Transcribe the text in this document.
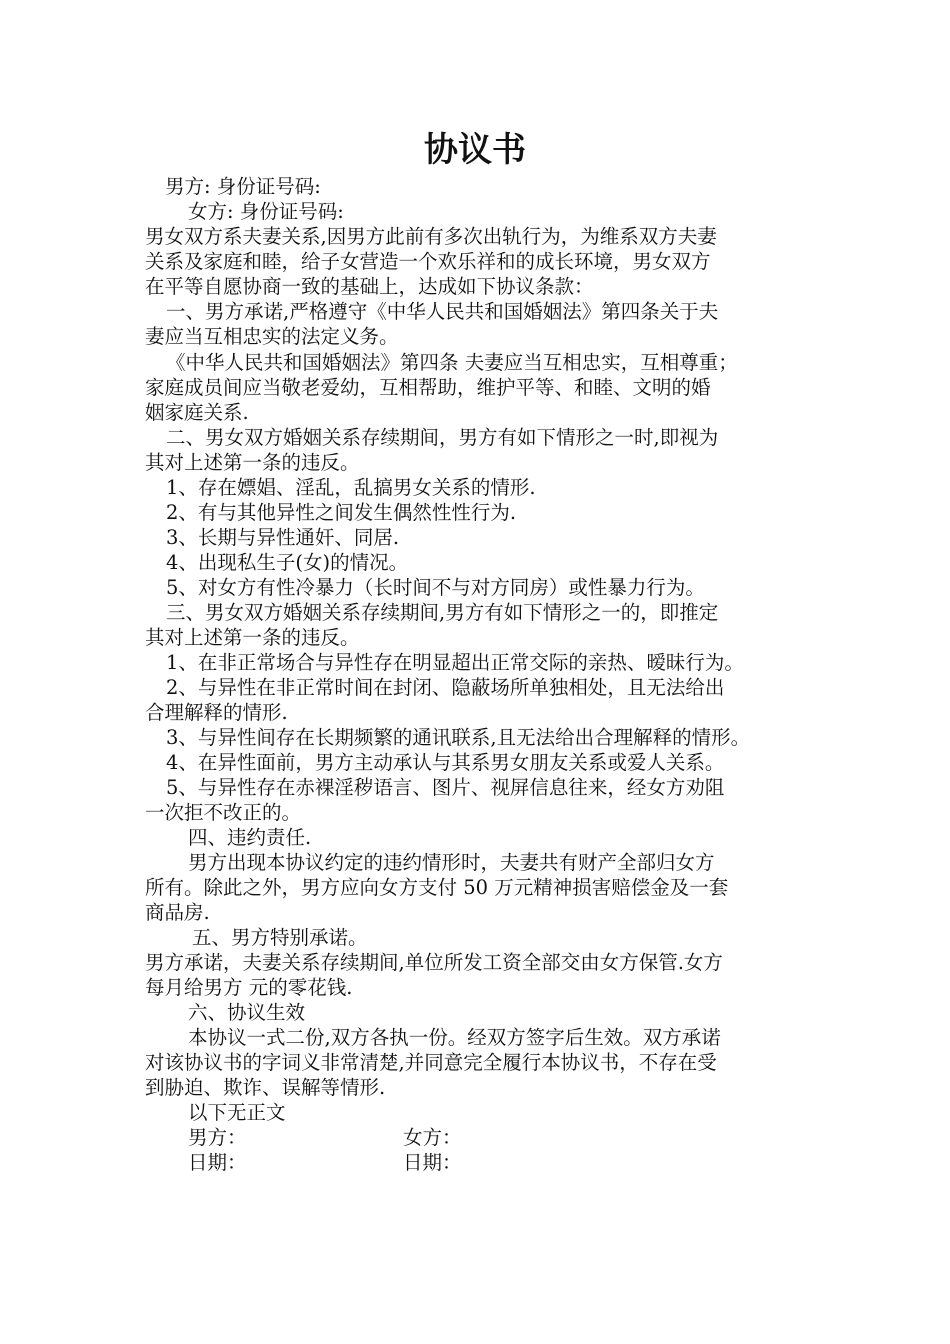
协议书
男方: 身份证号码:
女方: 身份证号码:
男女双方系夫妻关系,因男方此前有多次出轨行为，为维系双方夫妻
关系及家庭和睦，给子女营造一个欢乐祥和的成长环境，男女双方
在平等自愿协商一致的基础上，达成如下协议条款：
一、男方承诺,严格遵守《中华人民共和国婚姻法》第四条关于夫
妻应当互相忠实的法定义务。
《中华人民共和国婚姻法》第四条 夫妻应当互相忠实，互相尊重；
家庭成员间应当敬老爱幼，互相帮助，维护平等、和睦、文明的婚
姻家庭关系.
二、男女双方婚姻关系存续期间，男方有如下情形之一时,即视为
其对上述第一条的违反。
1、存在嫖娼、淫乱，乱搞男女关系的情形.
2、有与其他异性之间发生偶然性性行为.
3、长期与异性通奸、同居.
4、出现私生子(女)的情况。
5、对女方有性冷暴力（长时间不与对方同房）或性暴力行为。
三、男女双方婚姻关系存续期间,男方有如下情形之一的，即推定
其对上述第一条的违反。
1、在非正常场合与异性存在明显超出正常交际的亲热、暧昧行为。
2、与异性在非正常时间在封闭、隐蔽场所单独相处，且无法给出
合理解释的情形.
3、与异性间存在长期频繁的通讯联系,且无法给出合理解释的情形。
4、在异性面前，男方主动承认与其系男女朋友关系或爱人关系。
5、与异性存在赤裸淫秽语言、图片、视屏信息往来，经女方劝阻
一次拒不改正的。
四、违约责任.
男方出现本协议约定的违约情形时，夫妻共有财产全部归女方
所有。除此之外，男方应向女方支付 50 万元精神损害赔偿金及一套
商品房.
五、男方特别承诺。
男方承诺，夫妻关系存续期间,单位所发工资全部交由女方保管.女方
每月给男方 元的零花钱.
六、协议生效
本协议一式二份,双方各执一份。经双方签字后生效。双方承诺
对该协议书的字词义非常清楚,并同意完全履行本协议书，不存在受
到胁迫、欺诈、误解等情形.
以下无正文
男方：	女方：
日期：	日期：
